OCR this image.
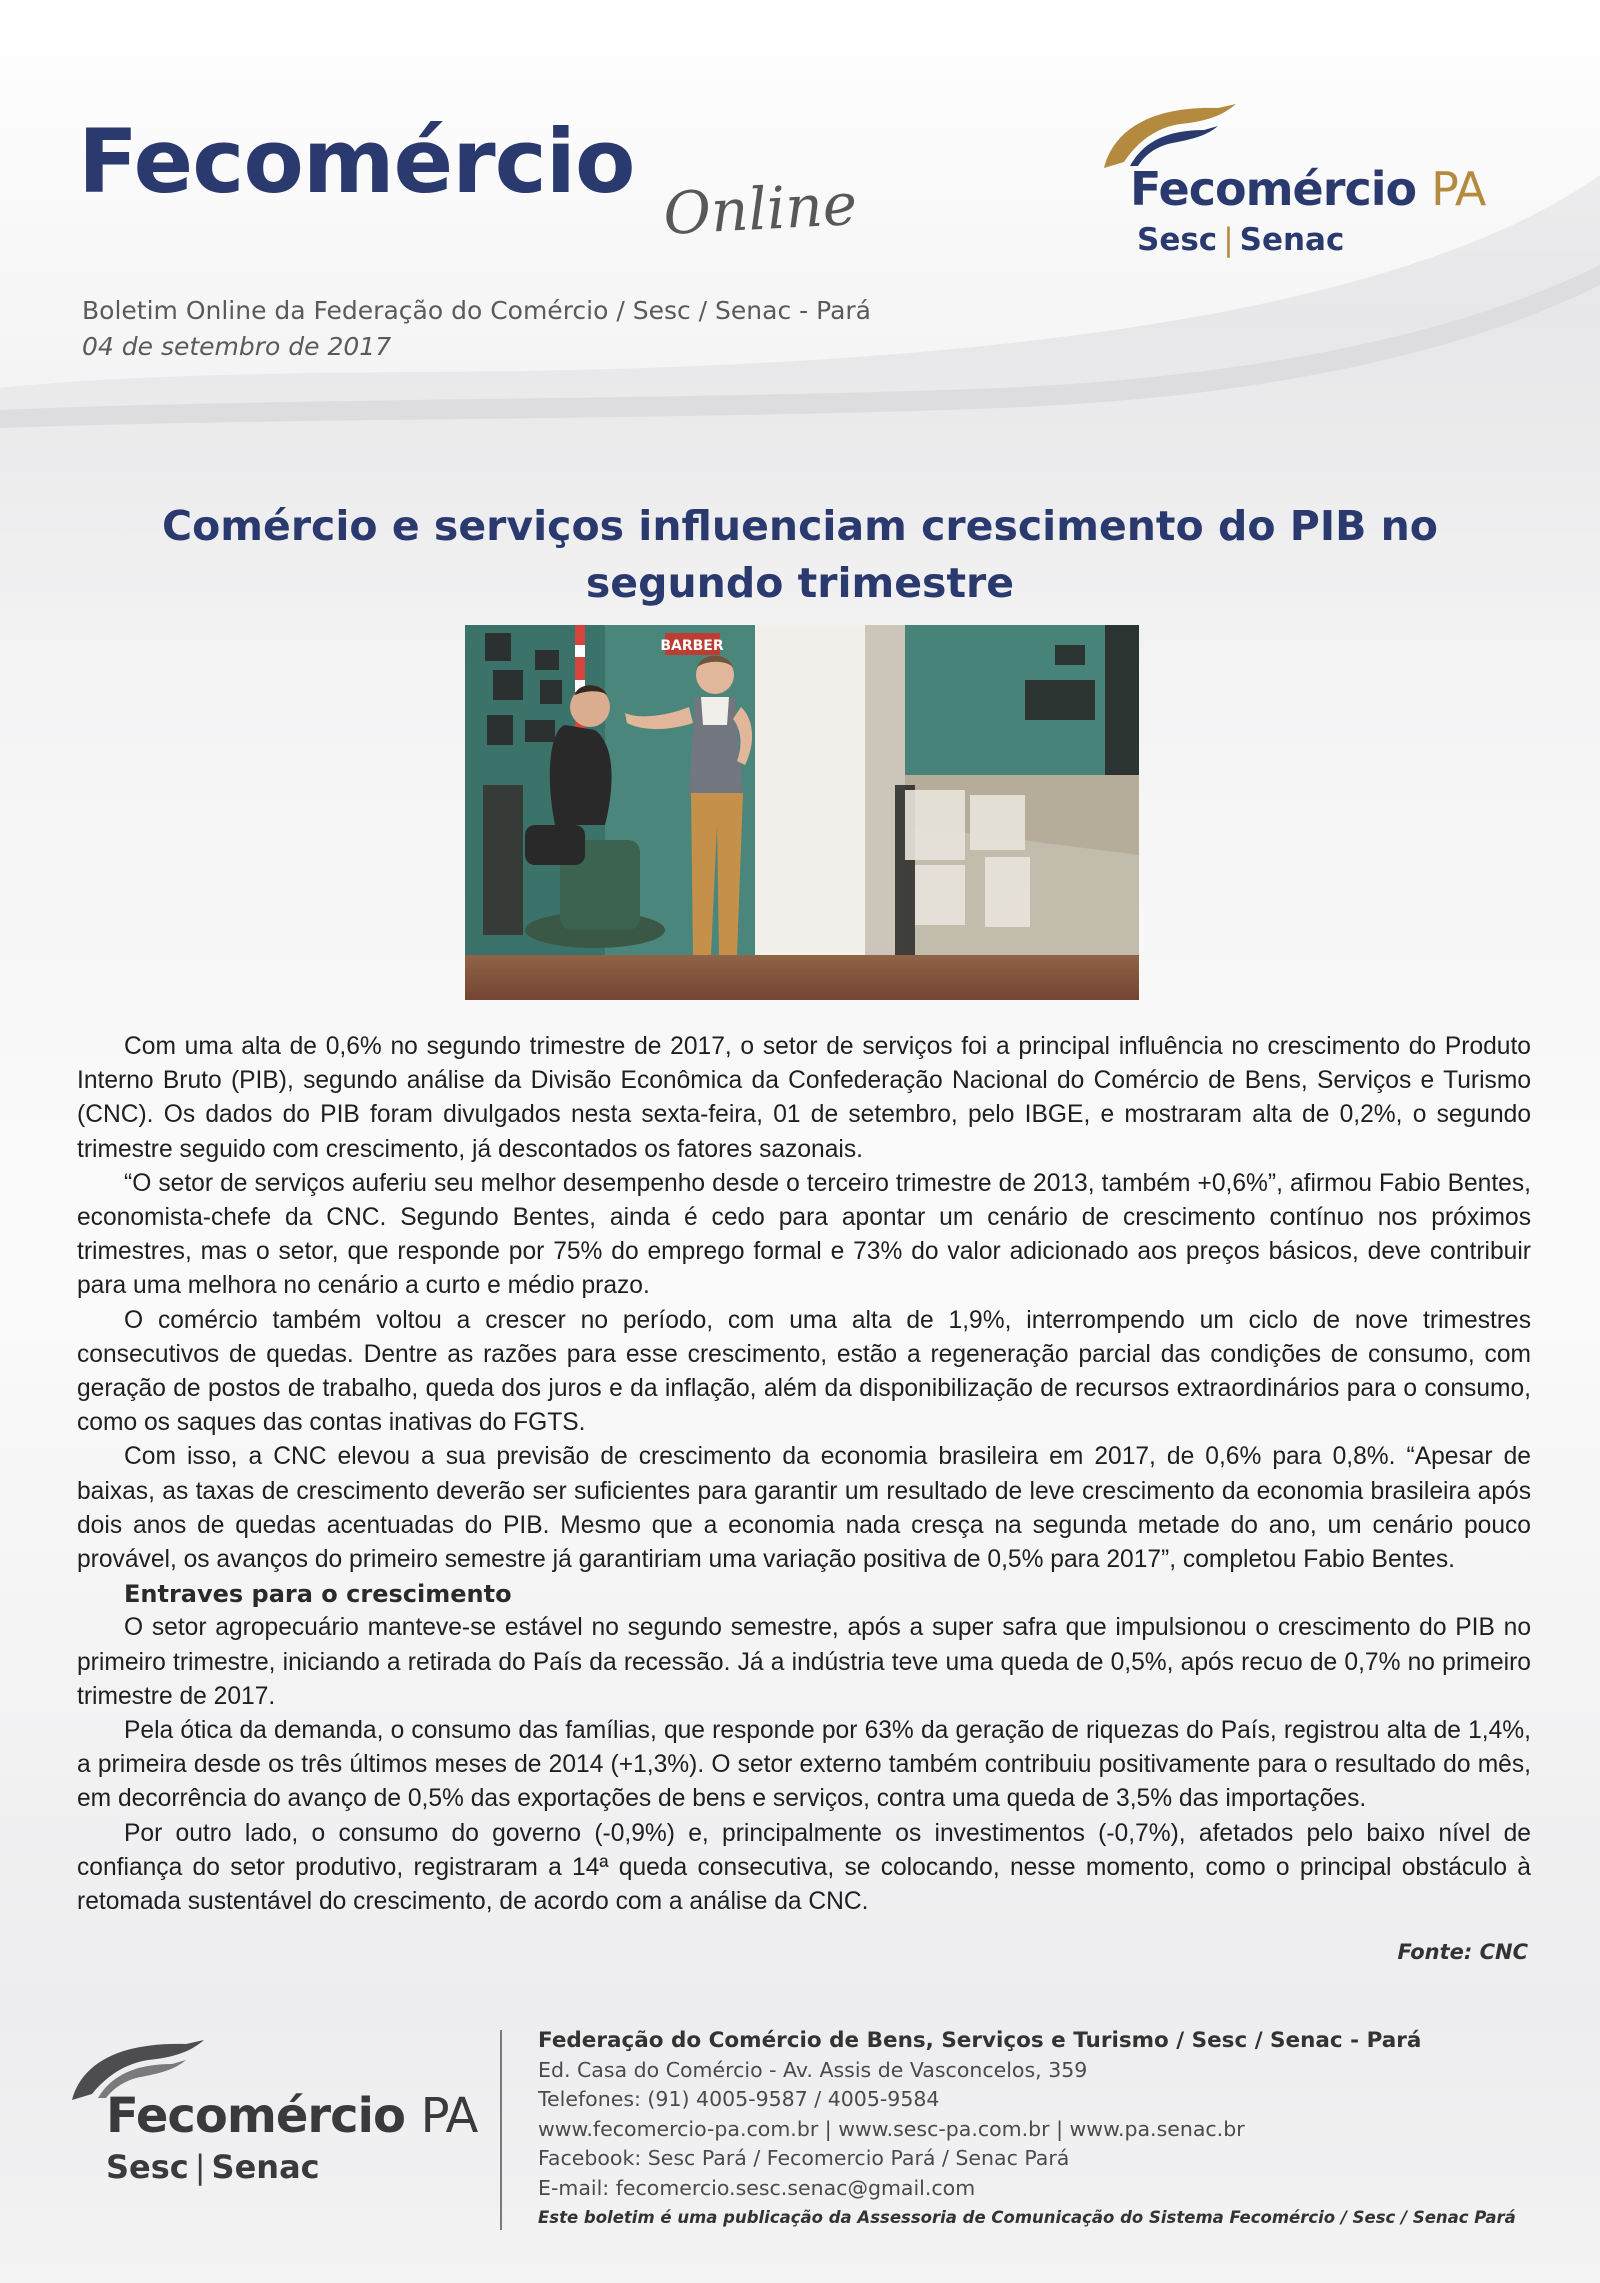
Fecomércio Online
Boletim Online da Federação do Comércio / Sesc / Senac - Pará
04 de setembro de 2017
Fecomércio PA
Sesc | Senac
Comércio e serviços influenciam crescimento do PIB no segundo trimestre
BARBER

Com uma alta de 0,6% no segundo trimestre de 2017, o setor de serviços foi a principal influência no crescimento do Produto Interno Bruto (PIB), segundo análise da Divisão Econômica da Confederação Nacional do Comércio de Bens, Serviços e Turismo (CNC). Os dados do PIB foram divulgados nesta sexta-feira, 01 de setembro, pelo IBGE, e mostraram alta de 0,2%, o segundo trimestre seguido com crescimento, já descontados os fatores sazonais.

“O setor de serviços auferiu seu melhor desempenho desde o terceiro trimestre de 2013, também +0,6%”, afirmou Fabio Bentes, economista-chefe da CNC. Segundo Bentes, ainda é cedo para apontar um cenário de crescimento contínuo nos próximos trimestres, mas o setor, que responde por 75% do emprego formal e 73% do valor adicionado aos preços básicos, deve contribuir para uma melhora no cenário a curto e médio prazo.

O comércio também voltou a crescer no período, com uma alta de 1,9%, interrompendo um ciclo de nove trimestres consecutivos de quedas. Dentre as razões para esse crescimento, estão a regeneração parcial das condições de consumo, com geração de postos de trabalho, queda dos juros e da inflação, além da disponibilização de recursos extraordinários para o consumo, como os saques das contas inativas do FGTS.

Com isso, a CNC elevou a sua previsão de crescimento da economia brasileira em 2017, de 0,6% para 0,8%. “Apesar de baixas, as taxas de crescimento deverão ser suficientes para garantir um resultado de leve crescimento da economia brasileira após dois anos de quedas acentuadas do PIB. Mesmo que a economia nada cresça na segunda metade do ano, um cenário pouco provável, os avanços do primeiro semestre já garantiriam uma variação positiva de 0,5% para 2017”, completou Fabio Bentes.

Entraves para o crescimento

O setor agropecuário manteve-se estável no segundo semestre, após a super safra que impulsionou o crescimento do PIB no primeiro trimestre, iniciando a retirada do País da recessão. Já a indústria teve uma queda de 0,5%, após recuo de 0,7% no primeiro trimestre de 2017.

Pela ótica da demanda, o consumo das famílias, que responde por 63% da geração de riquezas do País, registrou alta de 1,4%, a primeira desde os três últimos meses de 2014 (+1,3%). O setor externo também contribuiu positivamente para o resultado do mês, em decorrência do avanço de 0,5% das exportações de bens e serviços, contra uma queda de 3,5% das importações.

Por outro lado, o consumo do governo (-0,9%) e, principalmente os investimentos (-0,7%), afetados pelo baixo nível de confiança do setor produtivo, registraram a 14ª queda consecutiva, se colocando, nesse momento, como o principal obstáculo à retomada sustentável do crescimento, de acordo com a análise da CNC.

Fonte: CNC
Fecomércio PA
Sesc | Senac
Federação do Comércio de Bens, Serviços e Turismo / Sesc / Senac - Pará
Ed. Casa do Comércio - Av. Assis de Vasconcelos, 359
Telefones: (91) 4005-9587 / 4005-9584
www.fecomercio-pa.com.br | www.sesc-pa.com.br | www.pa.senac.br
Facebook: Sesc Pará / Fecomercio Pará / Senac Pará
E-mail: fecomercio.sesc.senac@gmail.com
Este boletim é uma publicação da Assessoria de Comunicação do Sistema Fecomércio / Sesc / Senac Pará
